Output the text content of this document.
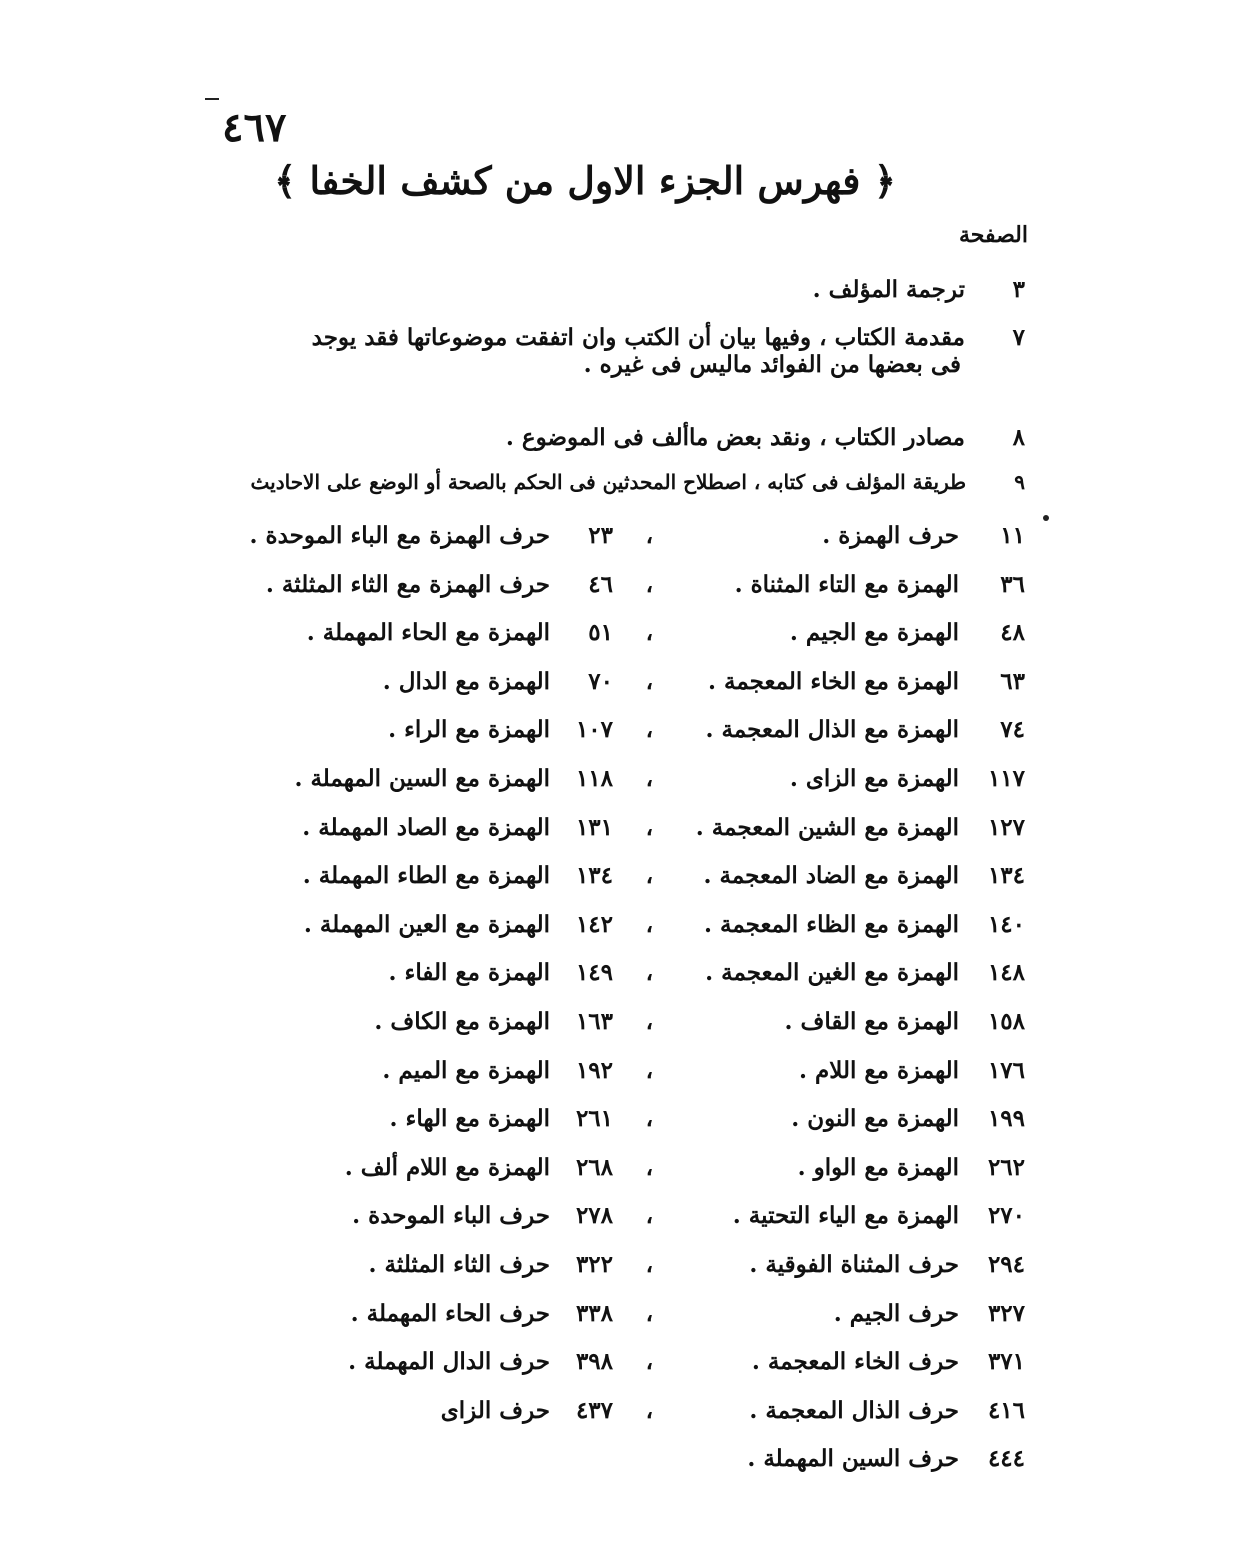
٤٦٧
﴿ فهرس الجزء الاول من كشف الخفا ﴾
الصفحة
٣ ترجمة المؤلف .
٧ مقدمة الكتاب ، وفيها بيان أن الكتب وان اتفقت موضوعاتها فقد يوجد
فى بعضها من الفوائد ماليس فى غيره .
٨ مصادر الكتاب ، ونقد بعض ماألف فى الموضوع .
٩ طريقة المؤلف فى كتابه ، اصطلاح المحدثين فى الحكم بالصحة أو الوضع على الاحاديث
١١
حرف الهمزة .
،
٢٣
حرف الهمزة مع الباء الموحدة .
٣٦
الهمزة مع التاء المثناة .
،
٤٦
حرف الهمزة مع الثاء المثلثة .
٤٨
الهمزة مع الجيم .
،
٥١
الهمزة مع الحاء المهملة .
٦٣
الهمزة مع الخاء المعجمة .
،
٧٠
الهمزة مع الدال .
٧٤
الهمزة مع الذال المعجمة .
،
١٠٧
الهمزة مع الراء .
١١٧
الهمزة مع الزاى .
،
١١٨
الهمزة مع السين المهملة .
١٢٧
الهمزة مع الشين المعجمة .
،
١٣١
الهمزة مع الصاد المهملة .
١٣٤
الهمزة مع الضاد المعجمة .
،
١٣٤
الهمزة مع الطاء المهملة .
١٤٠
الهمزة مع الظاء المعجمة .
،
١٤٢
الهمزة مع العين المهملة .
١٤٨
الهمزة مع الغين المعجمة .
،
١٤٩
الهمزة مع الفاء .
١٥٨
الهمزة مع القاف .
،
١٦٣
الهمزة مع الكاف .
١٧٦
الهمزة مع اللام .
،
١٩٢
الهمزة مع الميم .
١٩٩
الهمزة مع النون .
،
٢٦١
الهمزة مع الهاء .
٢٦٢
الهمزة مع الواو .
،
٢٦٨
الهمزة مع اللام ألف .
٢٧٠
الهمزة مع الياء التحتية .
،
٢٧٨
حرف الباء الموحدة .
٢٩٤
حرف المثناة الفوقية .
،
٣٢٢
حرف الثاء المثلثة .
٣٢٧
حرف الجيم .
،
٣٣٨
حرف الحاء المهملة .
٣٧١
حرف الخاء المعجمة .
،
٣٩٨
حرف الدال المهملة .
٤١٦
حرف الذال المعجمة .
،
٤٣٧
حرف الزاى
٤٤٤
حرف السين المهملة .
